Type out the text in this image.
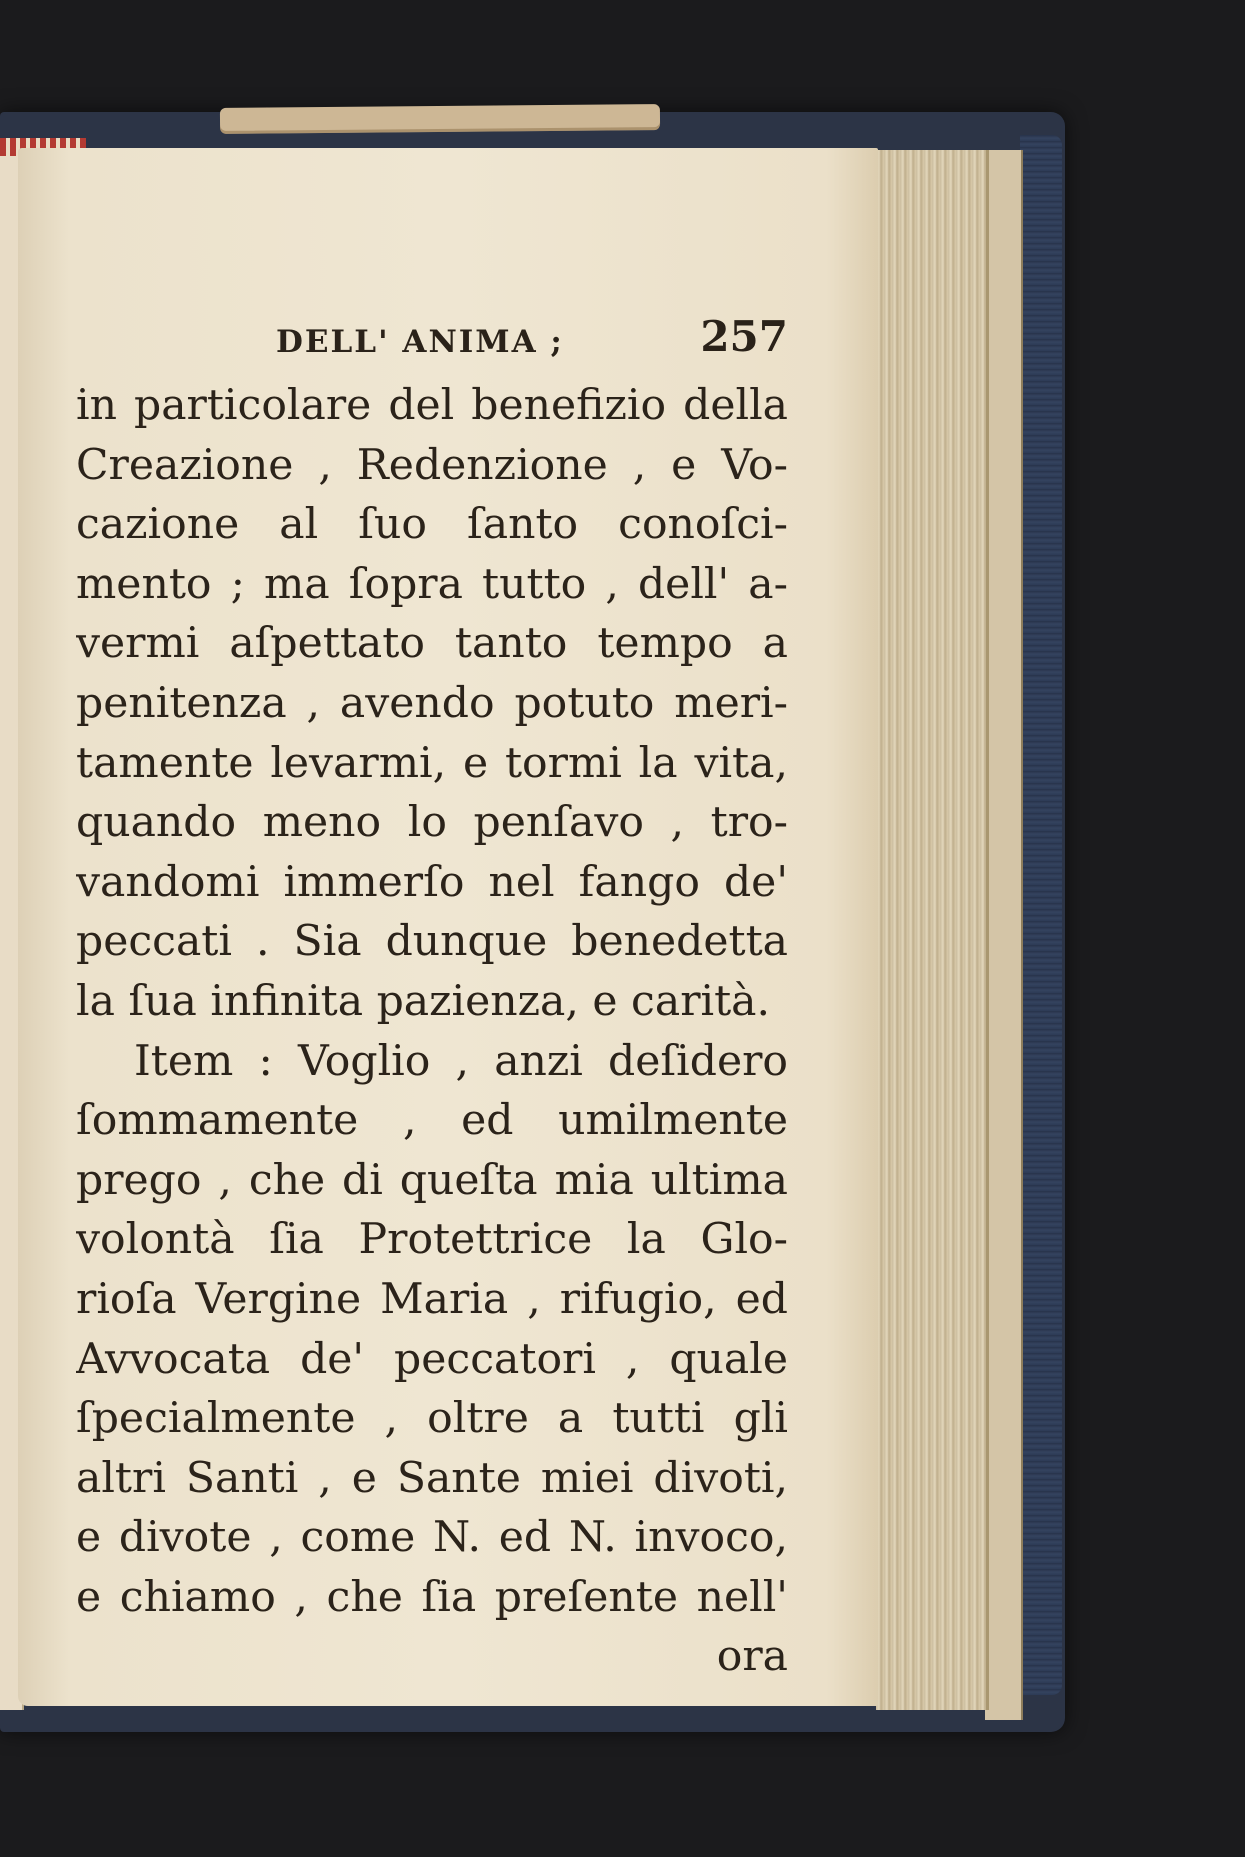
DELL' ANIMA ;	257
in particolare del benefizio della
Creazione , Redenzione , e Vo-
cazione al ſuo ſanto conoſci-
mento ; ma ſopra tutto , dell' a-
vermi aſpettato tanto tempo a
penitenza , avendo potuto meri-
tamente levarmi, e tormi la vita,
quando meno lo penſavo , tro-
vandomi immerſo nel fango de'
peccati . Sia dunque benedetta
la ſua infinita pazienza, e carità.
Item : Voglio , anzi deſidero
ſommamente , ed umilmente
prego , che di queſta mia ultima
volontà ſia Protettrice la Glo-
rioſa Vergine Maria , rifugio, ed
Avvocata de' peccatori , quale
ſpecialmente , oltre a tutti gli
altri Santi , e Sante miei divoti,
e divote , come N. ed N. invoco,
e chiamo , che ſia preſente nell'
ora
